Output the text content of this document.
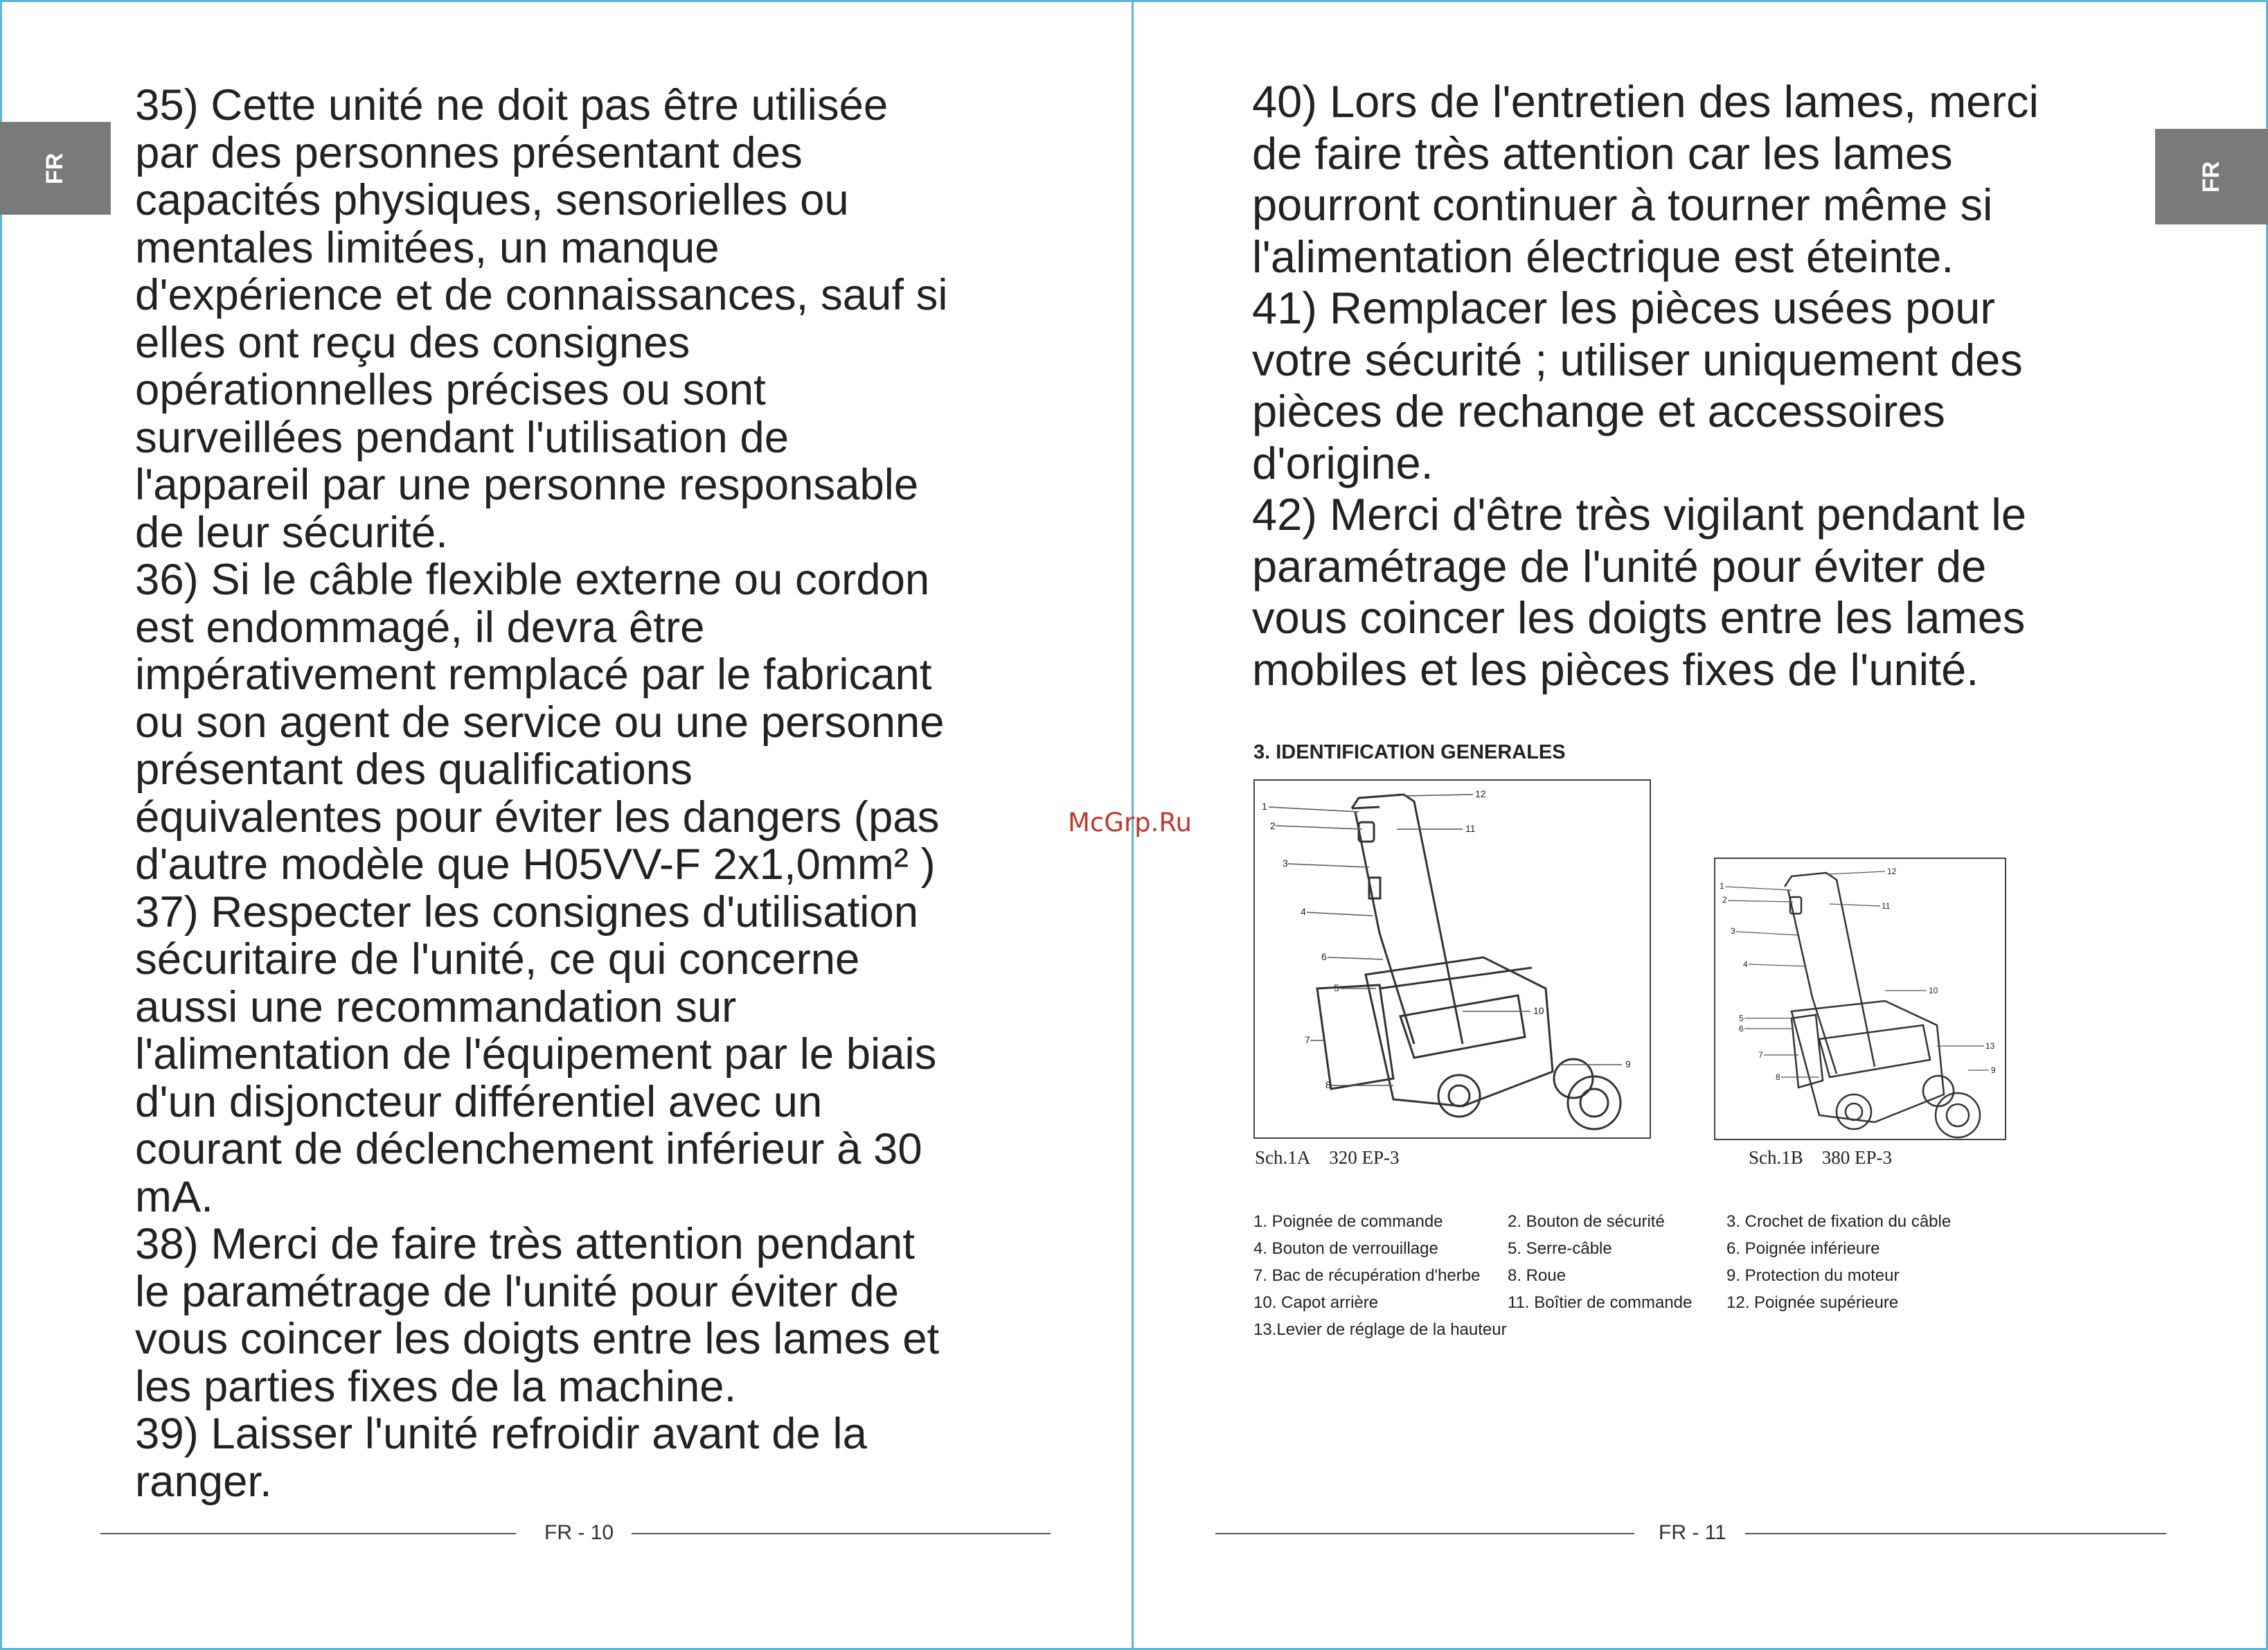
FR	FR

35) Cette unité ne doit pas être utilisée

par des personnes présentant des

capacités physiques, sensorielles ou

mentales limitées, un manque

d'expérience et de connaissances, sauf si

elles ont reçu des consignes

opérationnelles précises ou sont

surveillées pendant l'utilisation de

l'appareil par une personne responsable

de leur sécurité.

36) Si le câble flexible externe ou cordon

est endommagé, il devra être

impérativement remplacé par le fabricant

ou son agent de service ou une personne

présentant des qualifications

équivalentes pour éviter les dangers (pas

d'autre modèle que H05VV-F 2x1,0mm² )

37) Respecter les consignes d'utilisation

sécuritaire de l'unité, ce qui concerne

aussi une recommandation sur

l'alimentation de l'équipement par le biais

d'un disjoncteur différentiel avec un

courant de déclenchement inférieur à 30

mA.

38) Merci de faire très attention pendant

le paramétrage de l'unité pour éviter de

vous coincer les doigts entre les lames et

les parties fixes de la machine.

39) Laisser l'unité refroidir avant de la

ranger.

FR - 10
McGrp.Ru

40) Lors de l'entretien des lames, merci

de faire très attention car les lames

pourront continuer à tourner même si

l'alimentation électrique est éteinte.

41) Remplacer les pièces usées pour

votre sécurité ; utiliser uniquement des

pièces de rechange et accessoires

d'origine.

42) Merci d'être très vigilant pendant le

paramétrage de l'unité pour éviter de

vous coincer les doigts entre les lames

mobiles et les pièces fixes de l'unité.

3. IDENTIFICATION GENERALES
1
2
3
4
6
5
7
8
9
10
11
12
Sch.1A 320 EP-3
1
2
3
4
5
6
7
8
9
10
11
12
13
Sch.1B 380 EP-3
1. Poignée de commande	2. Bouton de sécurité	3. Crochet de fixation du câble
4. Bouton de verrouillage	5. Serre-câble	6. Poignée inférieure
7. Bac de récupération d'herbe	8. Roue	9. Protection du moteur
10. Capot arrière	11. Boîtier de commande	12. Poignée supérieure
13.Levier de réglage de la hauteur
FR - 11
